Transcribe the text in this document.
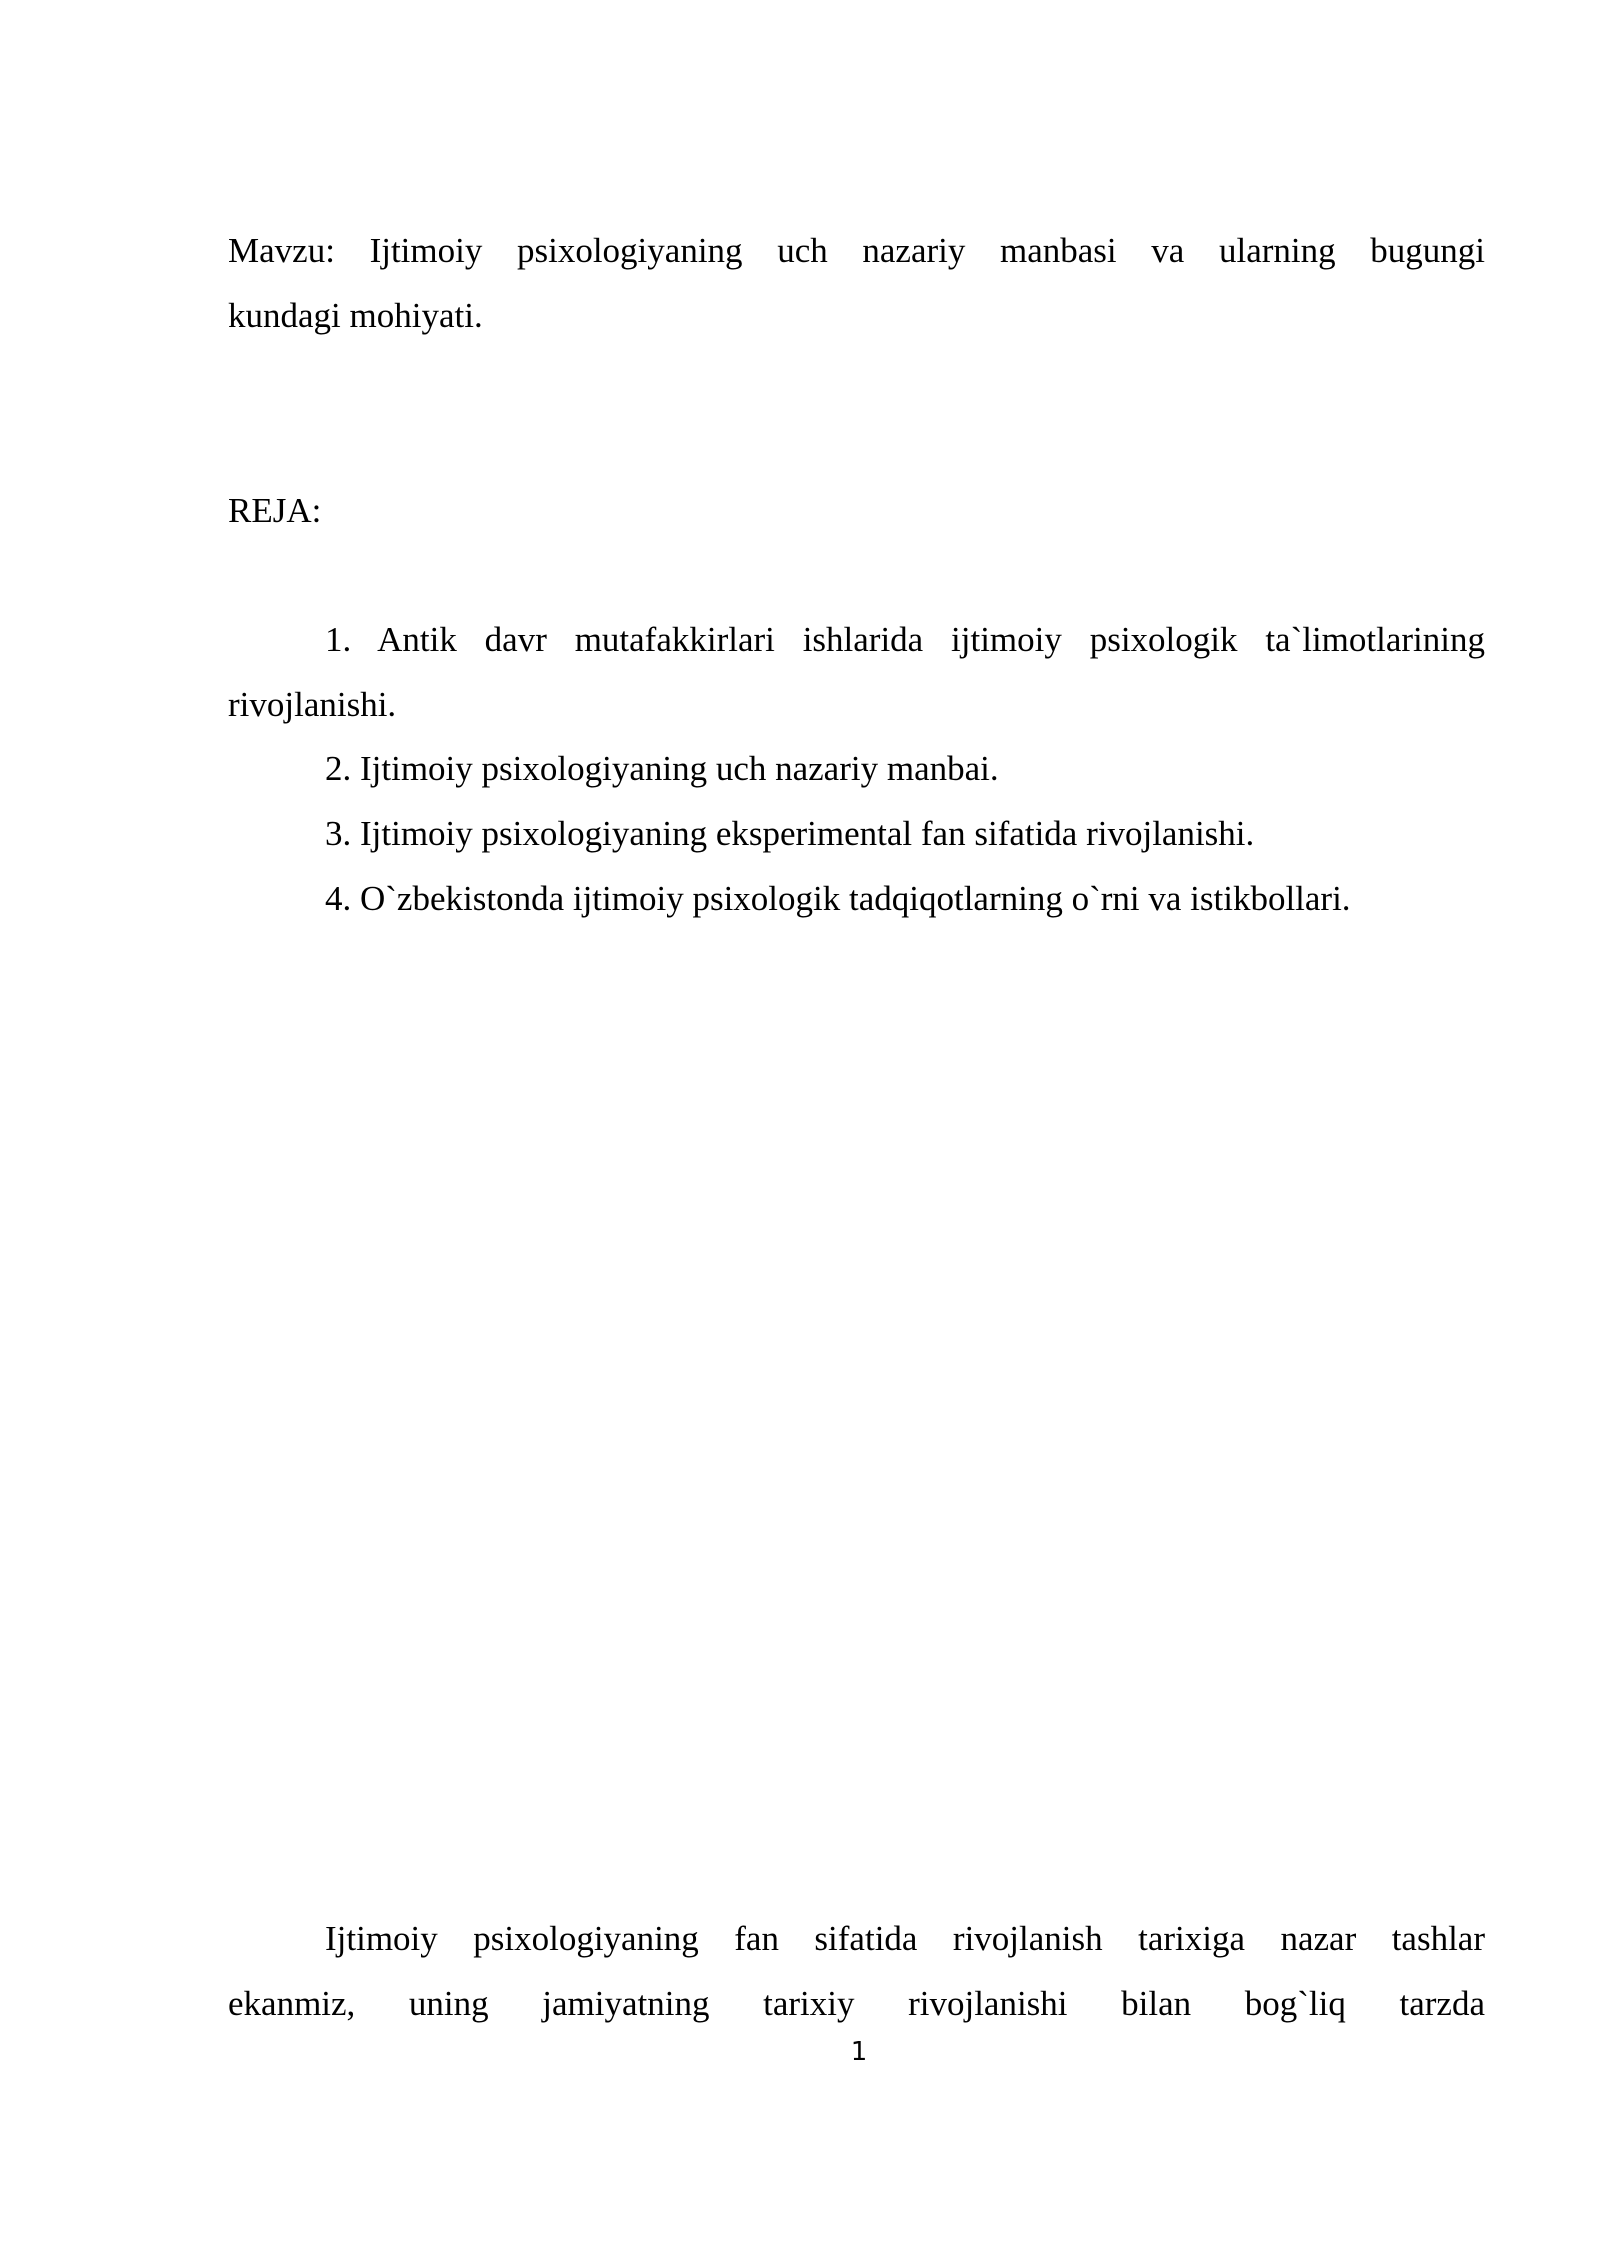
Mavzu: Ijtimoiy psixologiyaning uch nazariy manbasi va ularning bugungi

kundagi mohiyati.

REJA:

1. Antik davr mutafakkirlari ishlarida ijtimoiy psixologik ta`limotlarining

rivojlanishi.

2. Ijtimoiy psixologiyaning uch nazariy manbai.

3. Ijtimoiy psixologiyaning eksperimental fan sifatida rivojlanishi.

4. O`zbekistonda ijtimoiy psixologik tadqiqotlarning o`rni va istikbollari.

Ijtimoiy psixologiyaning fan sifatida rivojlanish tarixiga nazar tashlar

ekanmiz, uning jamiyatning tarixiy rivojlanishi bilan bog`liq tarzda

1
